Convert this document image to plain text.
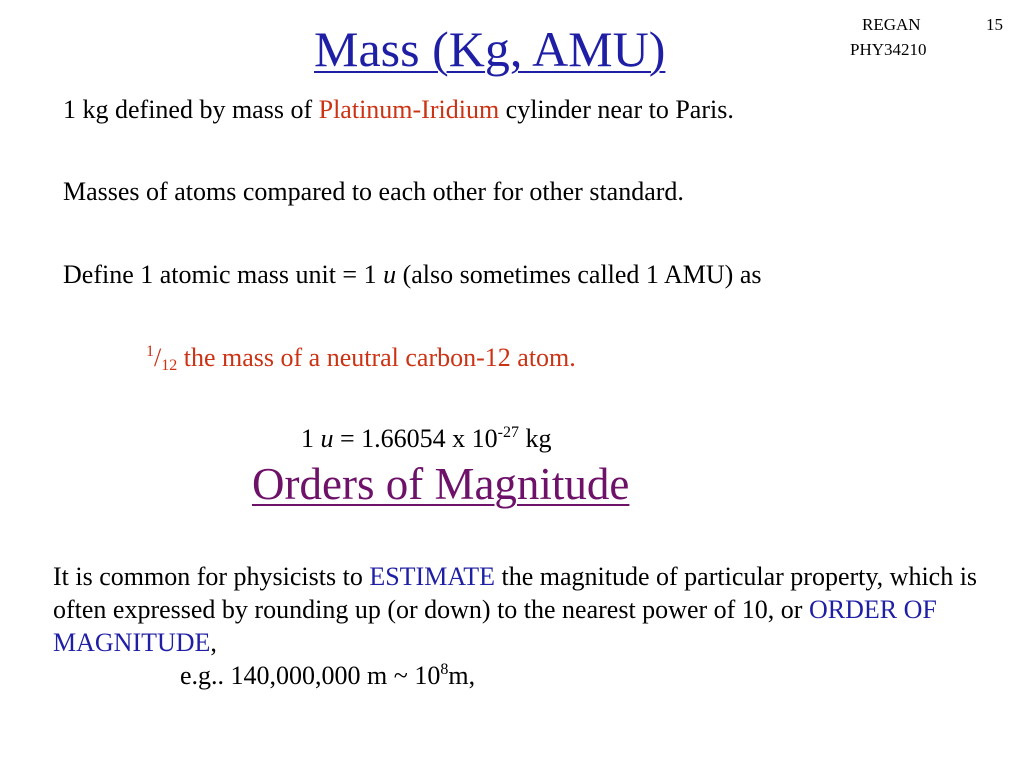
Mass (Kg, AMU)	REGAN	15
PHY34210
1 kg defined by mass of Platinum-Iridium cylinder near to Paris.
Masses of atoms compared to each other for other standard.
Define 1 atomic mass unit = 1 u (also sometimes called 1 AMU) as
$^1/_{12}$ the mass of a neutral carbon-12 atom.
1 u = 1.66054 x $10^{-27}$ kg
Orders of Magnitude
It is common for physicists to ESTIMATE the magnitude of particular property, which is often expressed by rounding up (or down) to the nearest power of 10, or ORDER OF MAGNITUDE,
e.g.. 140,000,000 m ~ $10^8m$,
